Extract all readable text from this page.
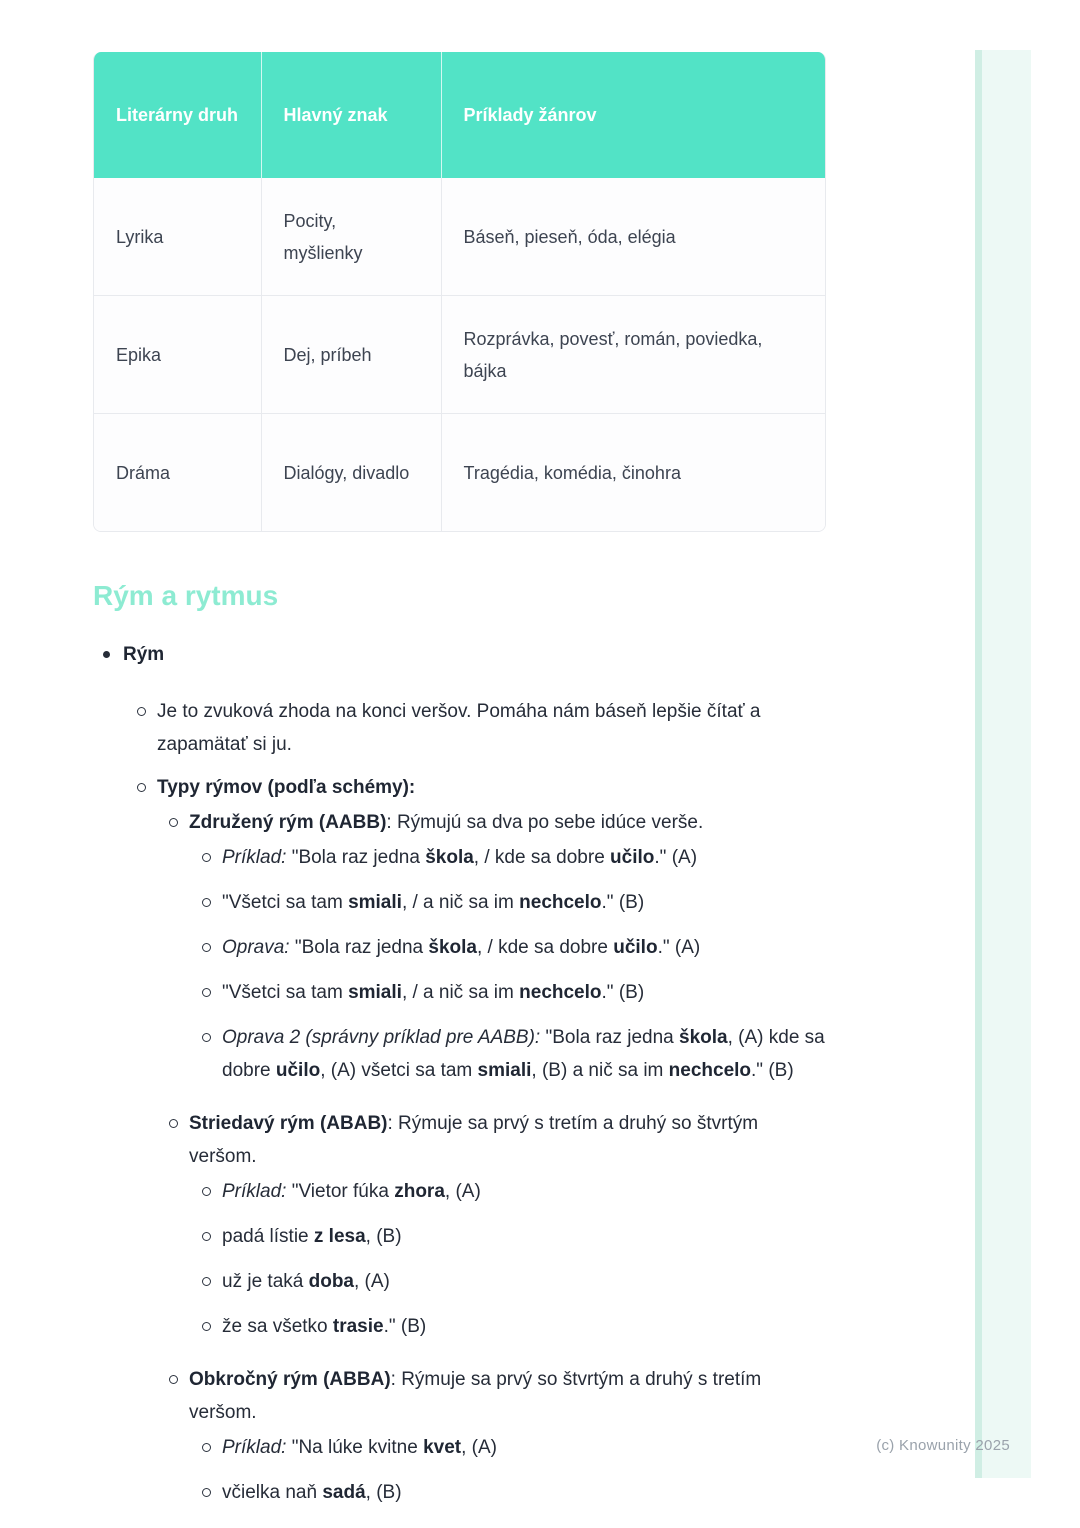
Literárny druh	Hlavný znak	Príklady žánrov
Lyrika	Pocity, myšlienky	Báseň, pieseň, óda, elégia
Epika	Dej, príbeh	Rozprávka, povesť, román, poviedka, bájka
Dráma	Dialógy, divadlo	Tragédia, komédia, činohra
Rým a rytmus
Rým
Je to zvuková zhoda na konci veršov. Pomáha nám báseň lepšie čítať a zapamätať si ju.
Typy rýmov (podľa schémy):
Združený rým (AABB): Rýmujú sa dva po sebe idúce verše.
Príklad: "Bola raz jedna škola, / kde sa dobre učilo." (A)
"Všetci sa tam smiali, / a nič sa im nechcelo." (B)
Oprava: "Bola raz jedna škola, / kde sa dobre učilo." (A)
"Všetci sa tam smiali, / a nič sa im nechcelo." (B)
Oprava 2 (správny príklad pre AABB): "Bola raz jedna škola, (A) kde sa dobre učilo, (A) všetci sa tam smiali, (B) a nič sa im nechcelo." (B)
Striedavý rým (ABAB): Rýmuje sa prvý s tretím a druhý so štvrtým veršom.
Príklad: "Vietor fúka zhora, (A)
padá lístie z lesa, (B)
už je taká doba, (A)
že sa všetko trasie." (B)
Obkročný rým (ABBA): Rýmuje sa prvý so štvrtým a druhý s tretím veršom.
Príklad: "Na lúke kvitne kvet, (A)
včielka naň sadá, (B)
(c) Knowunity 2025
